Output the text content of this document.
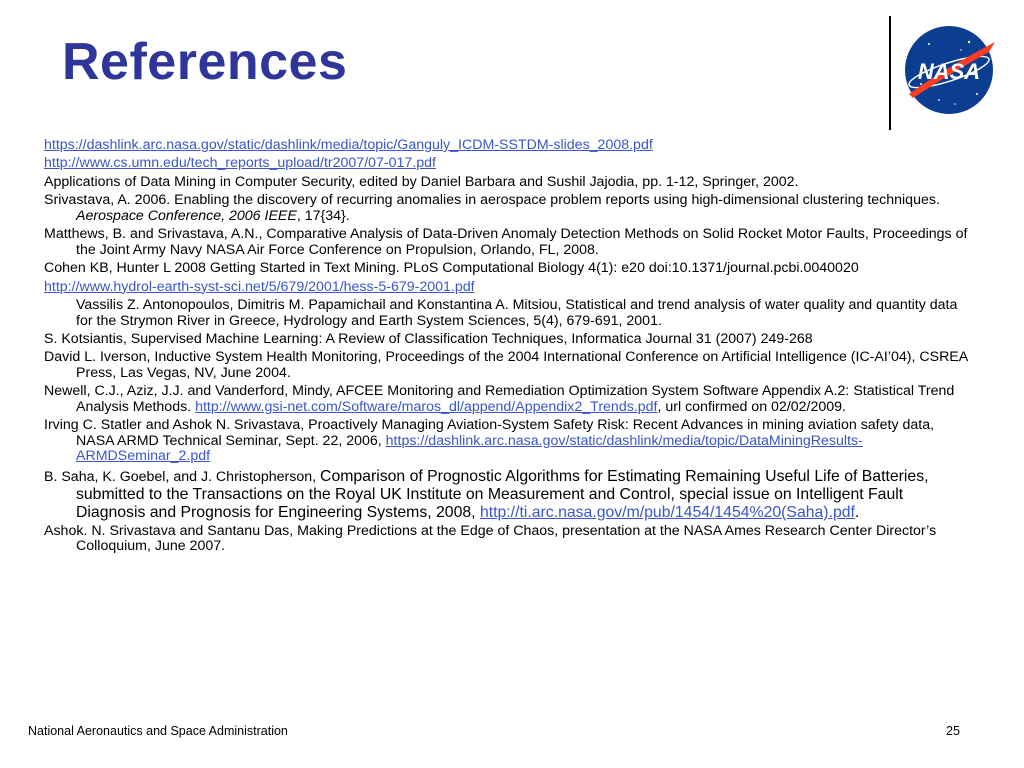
References	NASA
https://dashlink.arc.nasa.gov/static/dashlink/media/topic/Ganguly_ICDM-SSTDM-slides_2008.pdf
http://www.cs.umn.edu/tech_reports_upload/tr2007/07-017.pdf
Applications of Data Mining in Computer Security, edited by Daniel Barbara and Sushil Jajodia, pp. 1-12, Springer, 2002.
Srivastava, A. 2006. Enabling the discovery of recurring anomalies in aerospace problem reports using high-dimensional clustering techniques. Aerospace Conference, 2006 IEEE, 17{34}.
Matthews, B. and Srivastava, A.N., Comparative Analysis of Data-Driven Anomaly Detection Methods on Solid Rocket Motor Faults, Proceedings of the Joint Army Navy NASA Air Force Conference on Propulsion, Orlando, FL, 2008.
Cohen KB, Hunter L 2008 Getting Started in Text Mining. PLoS Computational Biology 4(1): e20 doi:10.1371/journal.pcbi.0040020
http://www.hydrol-earth-syst-sci.net/5/679/2001/hess-5-679-2001.pdf
Vassilis Z. Antonopoulos, Dimitris M. Papamichail and Konstantina A. Mitsiou, Statistical and trend analysis of water quality and quantity data for the Strymon River in Greece, Hydrology and Earth System Sciences, 5(4), 679-691, 2001.
S. Kotsiantis, Supervised Machine Learning: A Review of Classification Techniques, Informatica Journal 31 (2007) 249-268
David L. Iverson, Inductive System Health Monitoring, Proceedings of the 2004 International Conference on Artificial Intelligence (IC-AI’04), CSREA Press, Las Vegas, NV, June 2004.
Newell, C.J., Aziz, J.J. and Vanderford, Mindy, AFCEE Monitoring and Remediation Optimization System Software Appendix A.2: Statistical Trend Analysis Methods. http://www.gsi-net.com/Software/maros_dl/append/Appendix2_Trends.pdf, url confirmed on 02/02/2009.
Irving C. Statler and Ashok N. Srivastava, Proactively Managing Aviation-System Safety Risk: Recent Advances in mining aviation safety data, NASA ARMD Technical Seminar, Sept. 22, 2006, https://dashlink.arc.nasa.gov/static/dashlink/media/topic/DataMiningResults-ARMDSeminar_2.pdf
B. Saha, K. Goebel, and J. Christopherson, Comparison of Prognostic Algorithms for Estimating Remaining Useful Life of Batteries, submitted to the Transactions on the Royal UK Institute on Measurement and Control, special issue on Intelligent Fault Diagnosis and Prognosis for Engineering Systems, 2008, http://ti.arc.nasa.gov/m/pub/1454/1454%20(Saha).pdf.
Ashok. N. Srivastava and Santanu Das, Making Predictions at the Edge of Chaos, presentation at the NASA Ames Research Center Director’s Colloquium, June 2007.
National Aeronautics and Space Administration	25
